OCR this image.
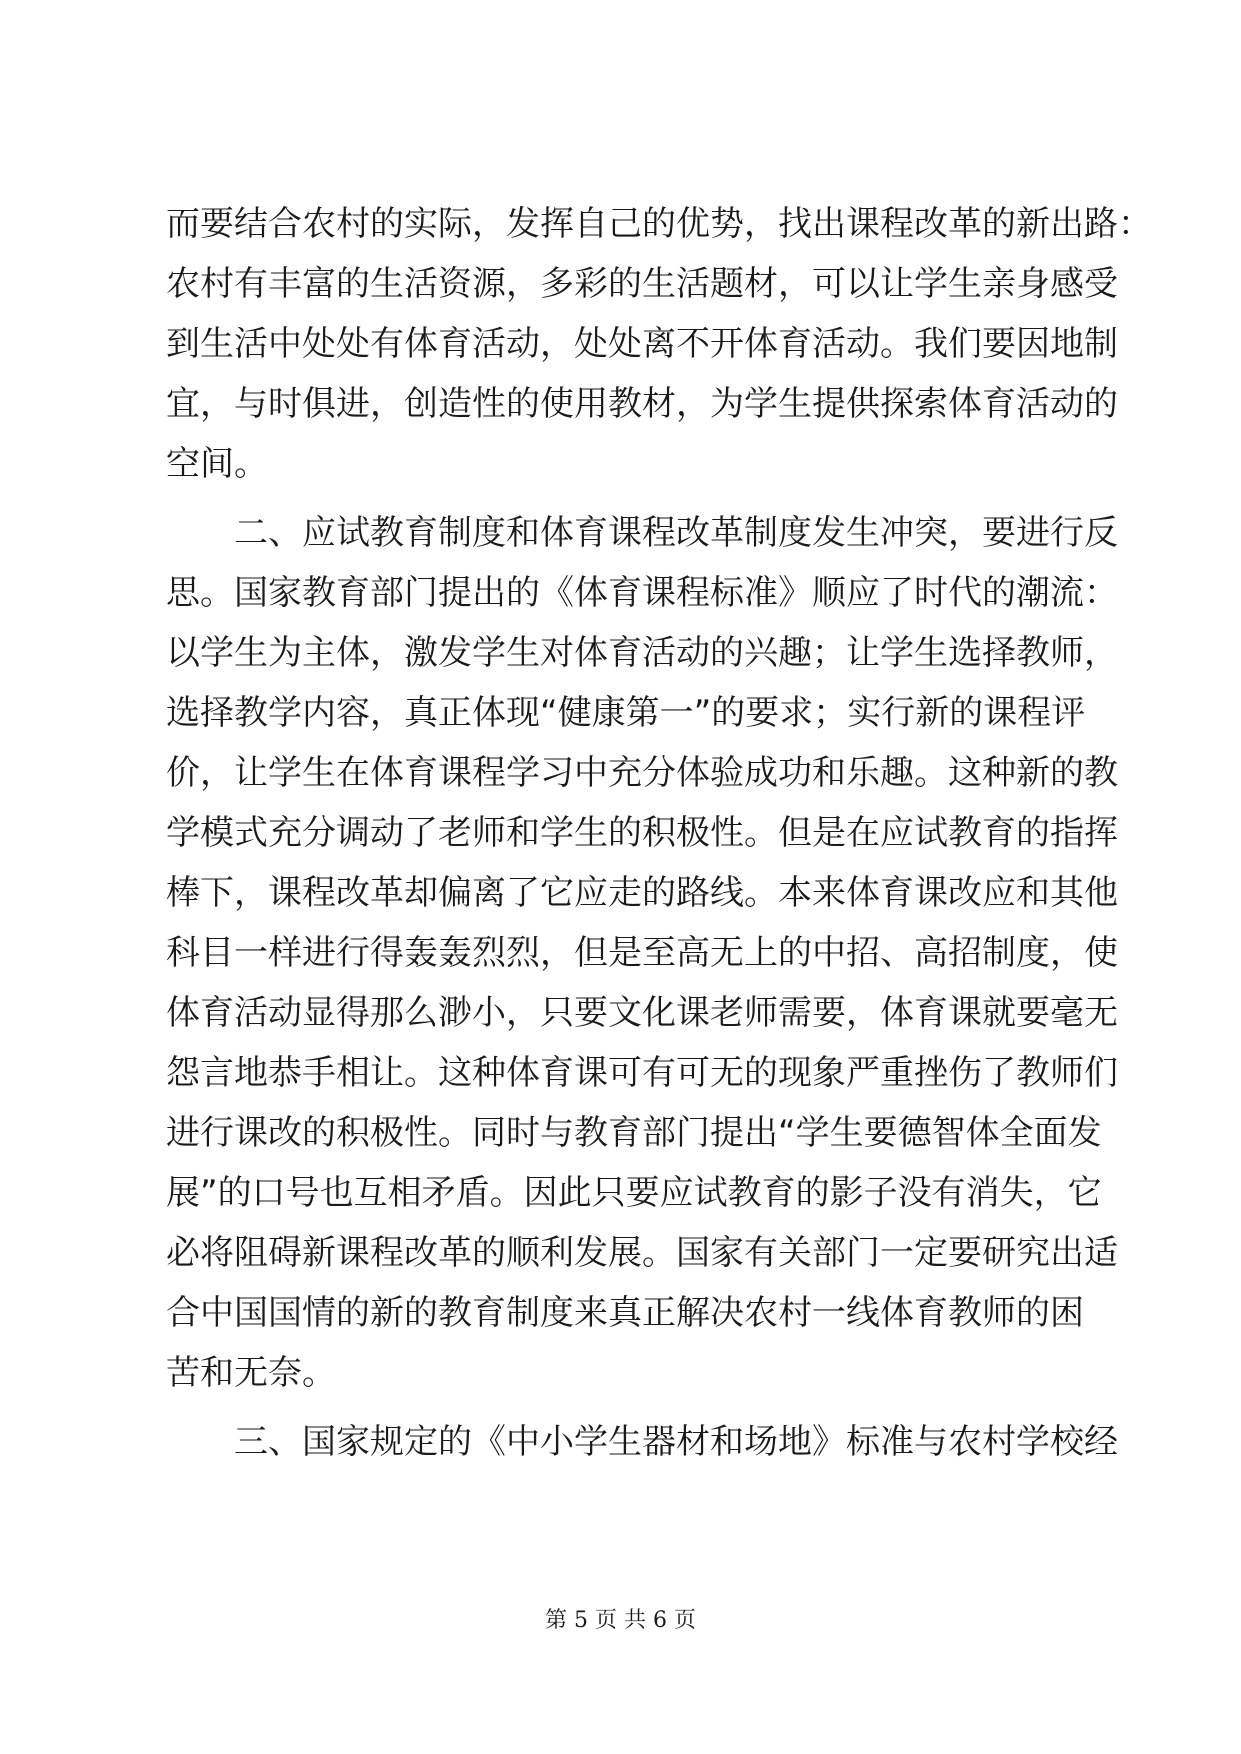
而要结合农村的实际，发挥自己的优势，找出课程改革的新出路：
农村有丰富的生活资源，多彩的生活题材，可以让学生亲身感受
到生活中处处有体育活动，处处离不开体育活动。我们要因地制
宜，与时俱进，创造性的使用教材，为学生提供探索体育活动的
空间。
　　二、应试教育制度和体育课程改革制度发生冲突，要进行反
思。国家教育部门提出的《体育课程标准》顺应了时代的潮流：
以学生为主体，激发学生对体育活动的兴趣；让学生选择教师，
选择教学内容，真正体现“健康第一”的要求；实行新的课程评
价，让学生在体育课程学习中充分体验成功和乐趣。这种新的教
学模式充分调动了老师和学生的积极性。但是在应试教育的指挥
棒下，课程改革却偏离了它应走的路线。本来体育课改应和其他
科目一样进行得轰轰烈烈，但是至高无上的中招、高招制度，使
体育活动显得那么渺小，只要文化课老师需要，体育课就要毫无
怨言地恭手相让。这种体育课可有可无的现象严重挫伤了教师们
进行课改的积极性。同时与教育部门提出“学生要德智体全面发
展”的口号也互相矛盾。因此只要应试教育的影子没有消失，它
必将阻碍新课程改革的顺利发展。国家有关部门一定要研究出适
合中国国情的新的教育制度来真正解决农村一线体育教师的困
苦和无奈。
　　三、国家规定的《中小学生器材和场地》标准与农村学校经
第 5 页 共 6 页
